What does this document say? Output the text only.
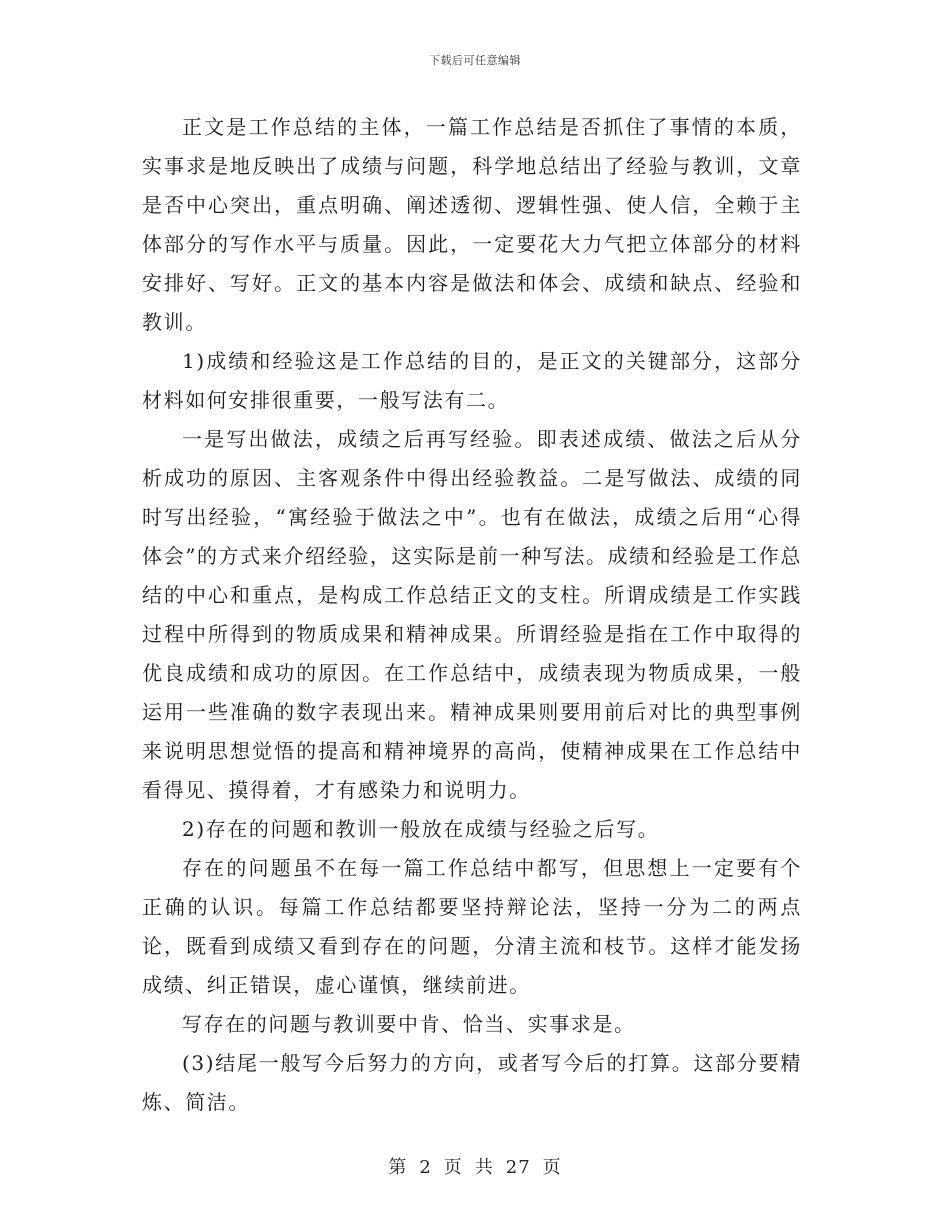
下载后可任意编辑

正文是工作总结的主体，一篇工作总结是否抓住了事情的本质，实事求是地反映出了成绩与问题，科学地总结出了经验与教训，文章是否中心突出，重点明确、阐述透彻、逻辑性强、使人信，全赖于主体部分的写作水平与质量。因此，一定要花大力气把立体部分的材料安排好、写好。正文的基本内容是做法和体会、成绩和缺点、经验和教训。

1)成绩和经验这是工作总结的目的，是正文的关键部分，这部分材料如何安排很重要，一般写法有二。

一是写出做法，成绩之后再写经验。即表述成绩、做法之后从分析成功的原因、主客观条件中得出经验教益。二是写做法、成绩的同时写出经验，“寓经验于做法之中”。也有在做法，成绩之后用“心得体会”的方式来介绍经验，这实际是前一种写法。成绩和经验是工作总结的中心和重点，是构成工作总结正文的支柱。所谓成绩是工作实践过程中所得到的物质成果和精神成果。所谓经验是指在工作中取得的优良成绩和成功的原因。在工作总结中，成绩表现为物质成果，一般运用一些准确的数字表现出来。精神成果则要用前后对比的典型事例来说明思想觉悟的提高和精神境界的高尚，使精神成果在工作总结中看得见、摸得着，才有感染力和说明力。

2)存在的问题和教训一般放在成绩与经验之后写。

存在的问题虽不在每一篇工作总结中都写，但思想上一定要有个正确的认识。每篇工作总结都要坚持辩论法，坚持一分为二的两点论，既看到成绩又看到存在的问题，分清主流和枝节。这样才能发扬成绩、纠正错误，虚心谨慎，继续前进。

写存在的问题与教训要中肯、恰当、实事求是。

(3)结尾一般写今后努力的方向，或者写今后的打算。这部分要精炼、简洁。

第 2 页 共 27 页
